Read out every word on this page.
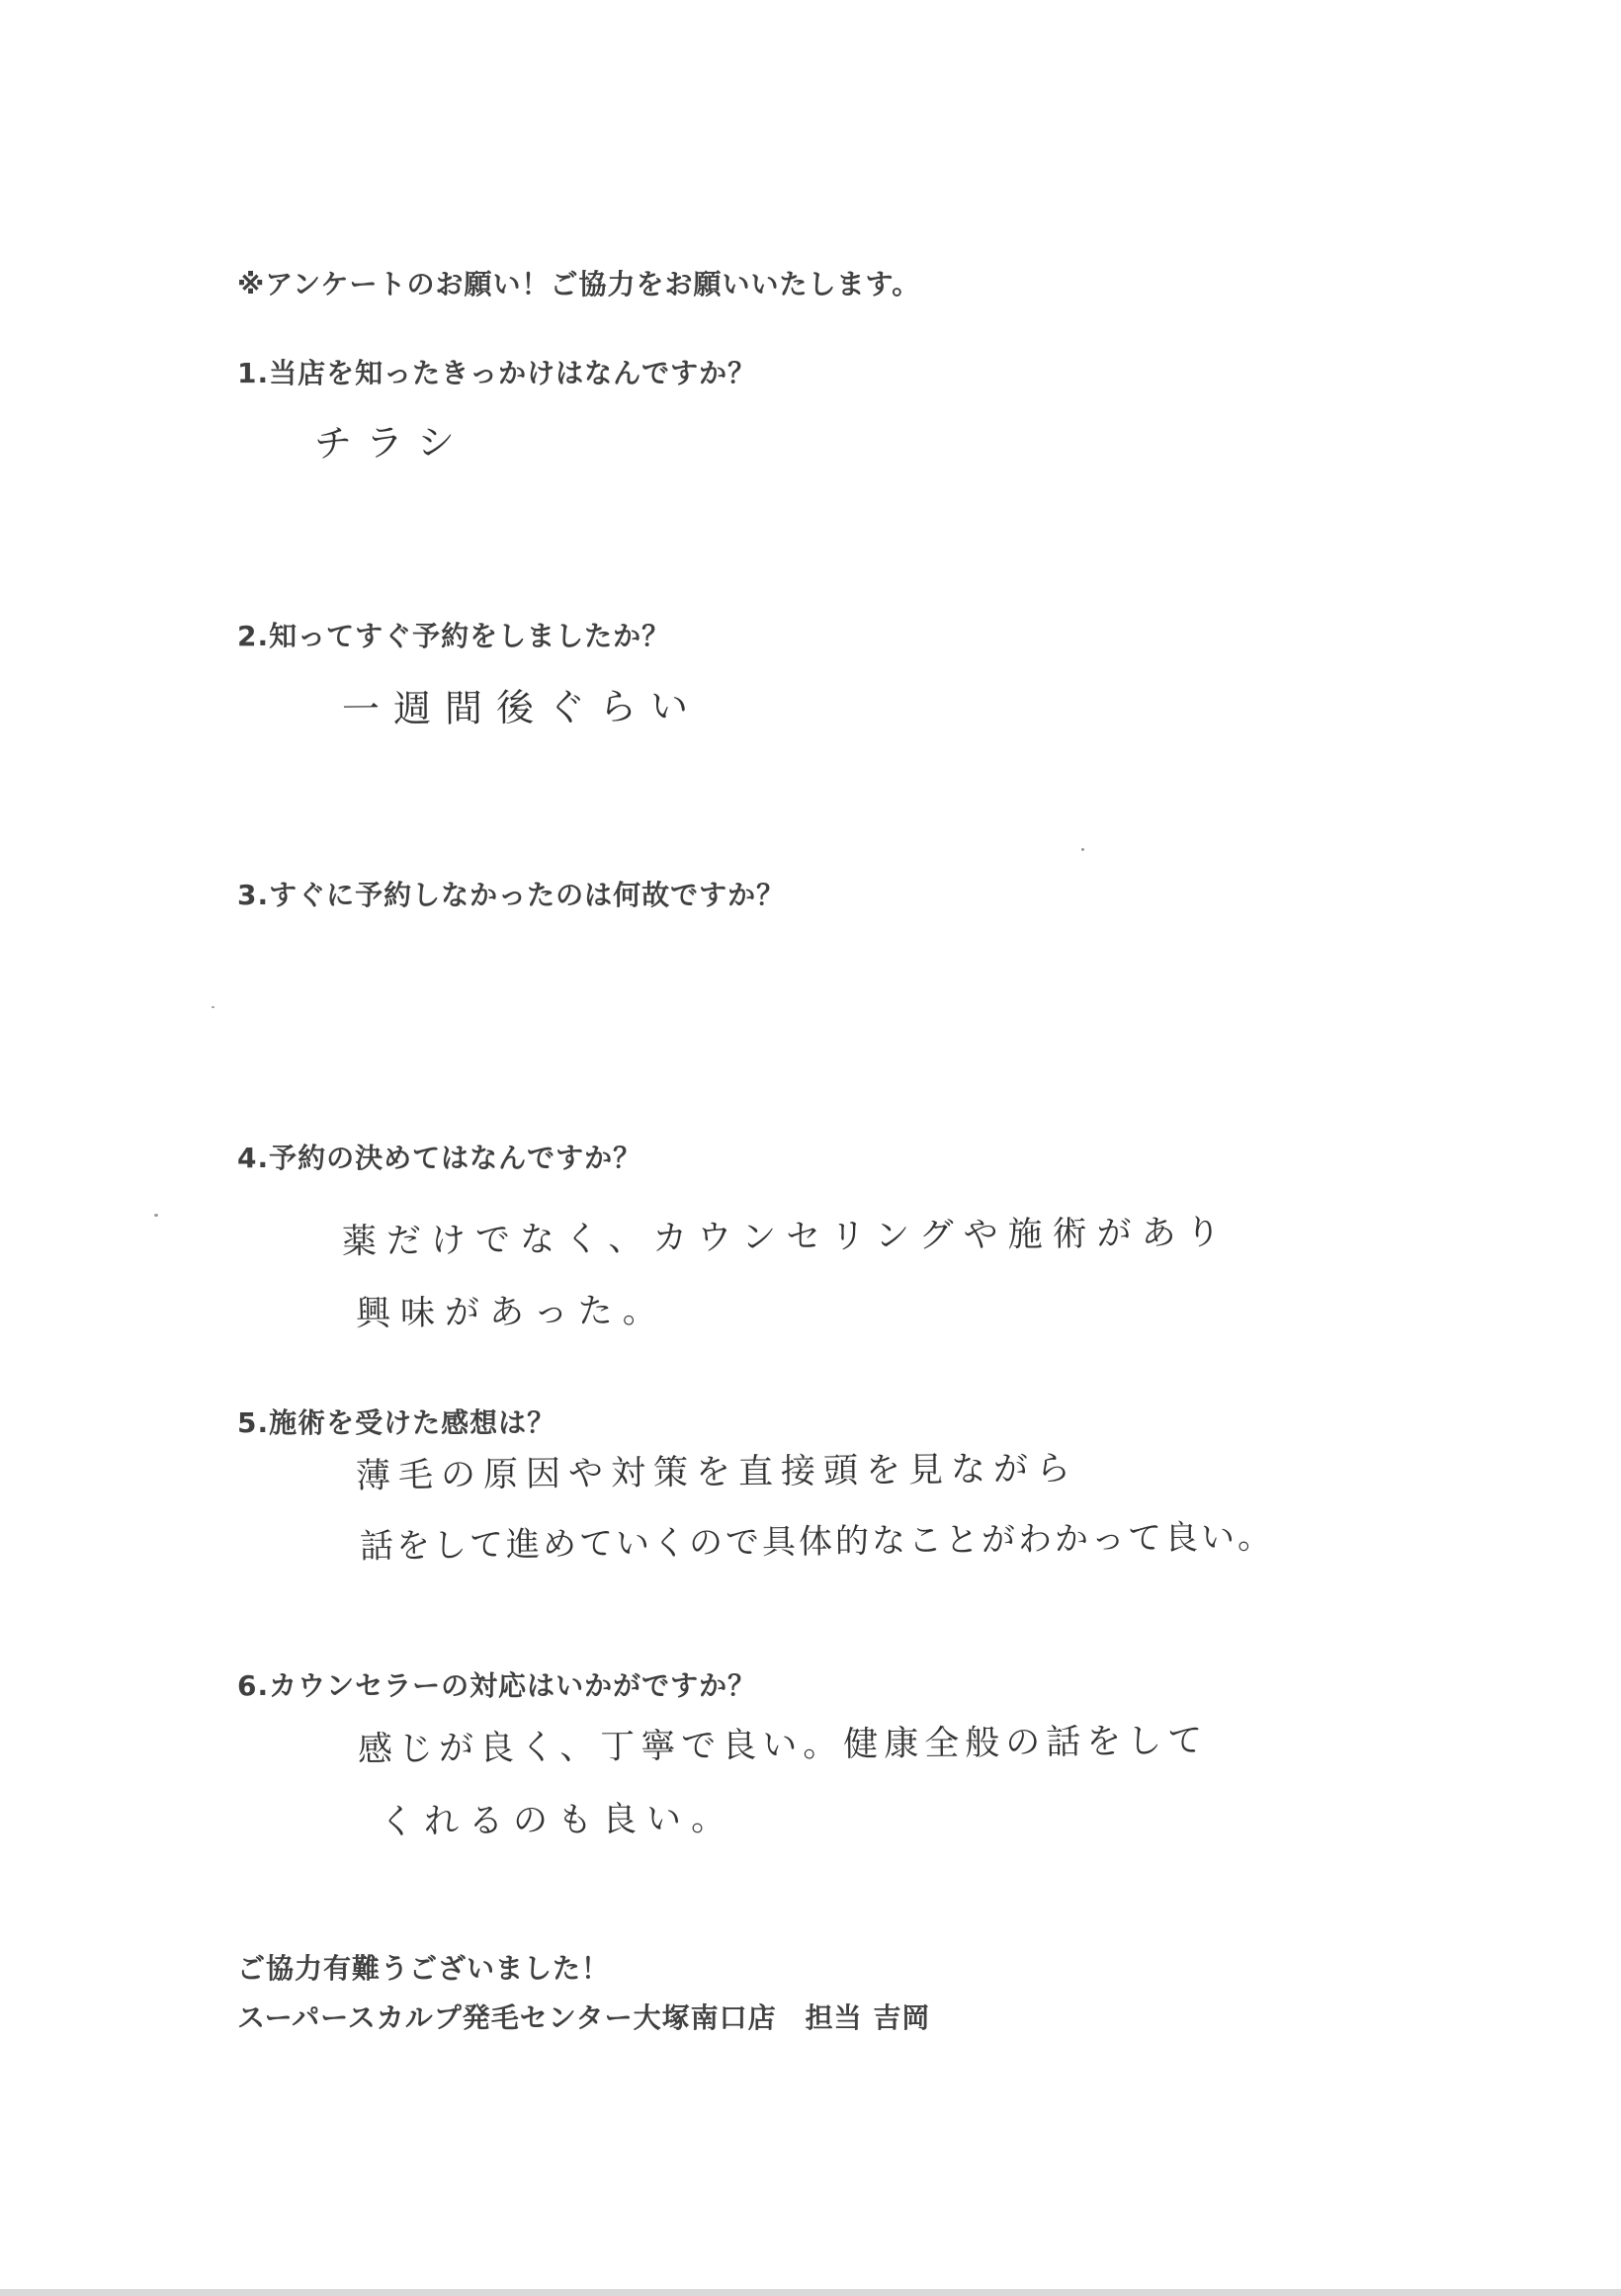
※アンケートのお願い！ご協力をお願いいたします。
1.当店を知ったきっかけはなんですか？
チラシ
2.知ってすぐ予約をしましたか？
一週間後ぐらい
3.すぐに予約しなかったのは何故ですか？
4.予約の決めてはなんですか？
薬だけでなく、カウンセリングや施術があり
興味があった。
5.施術を受けた感想は？
薄毛の原因や対策を直接頭を見ながら
話をして進めていくので具体的なことがわかって良い。
6.カウンセラーの対応はいかがですか？
感じが良く、丁寧で良い。健康全般の話をして
くれるのも良い。
ご協力有難うございました！
スーパースカルプ発毛センター大塚南口店　担当 吉岡
